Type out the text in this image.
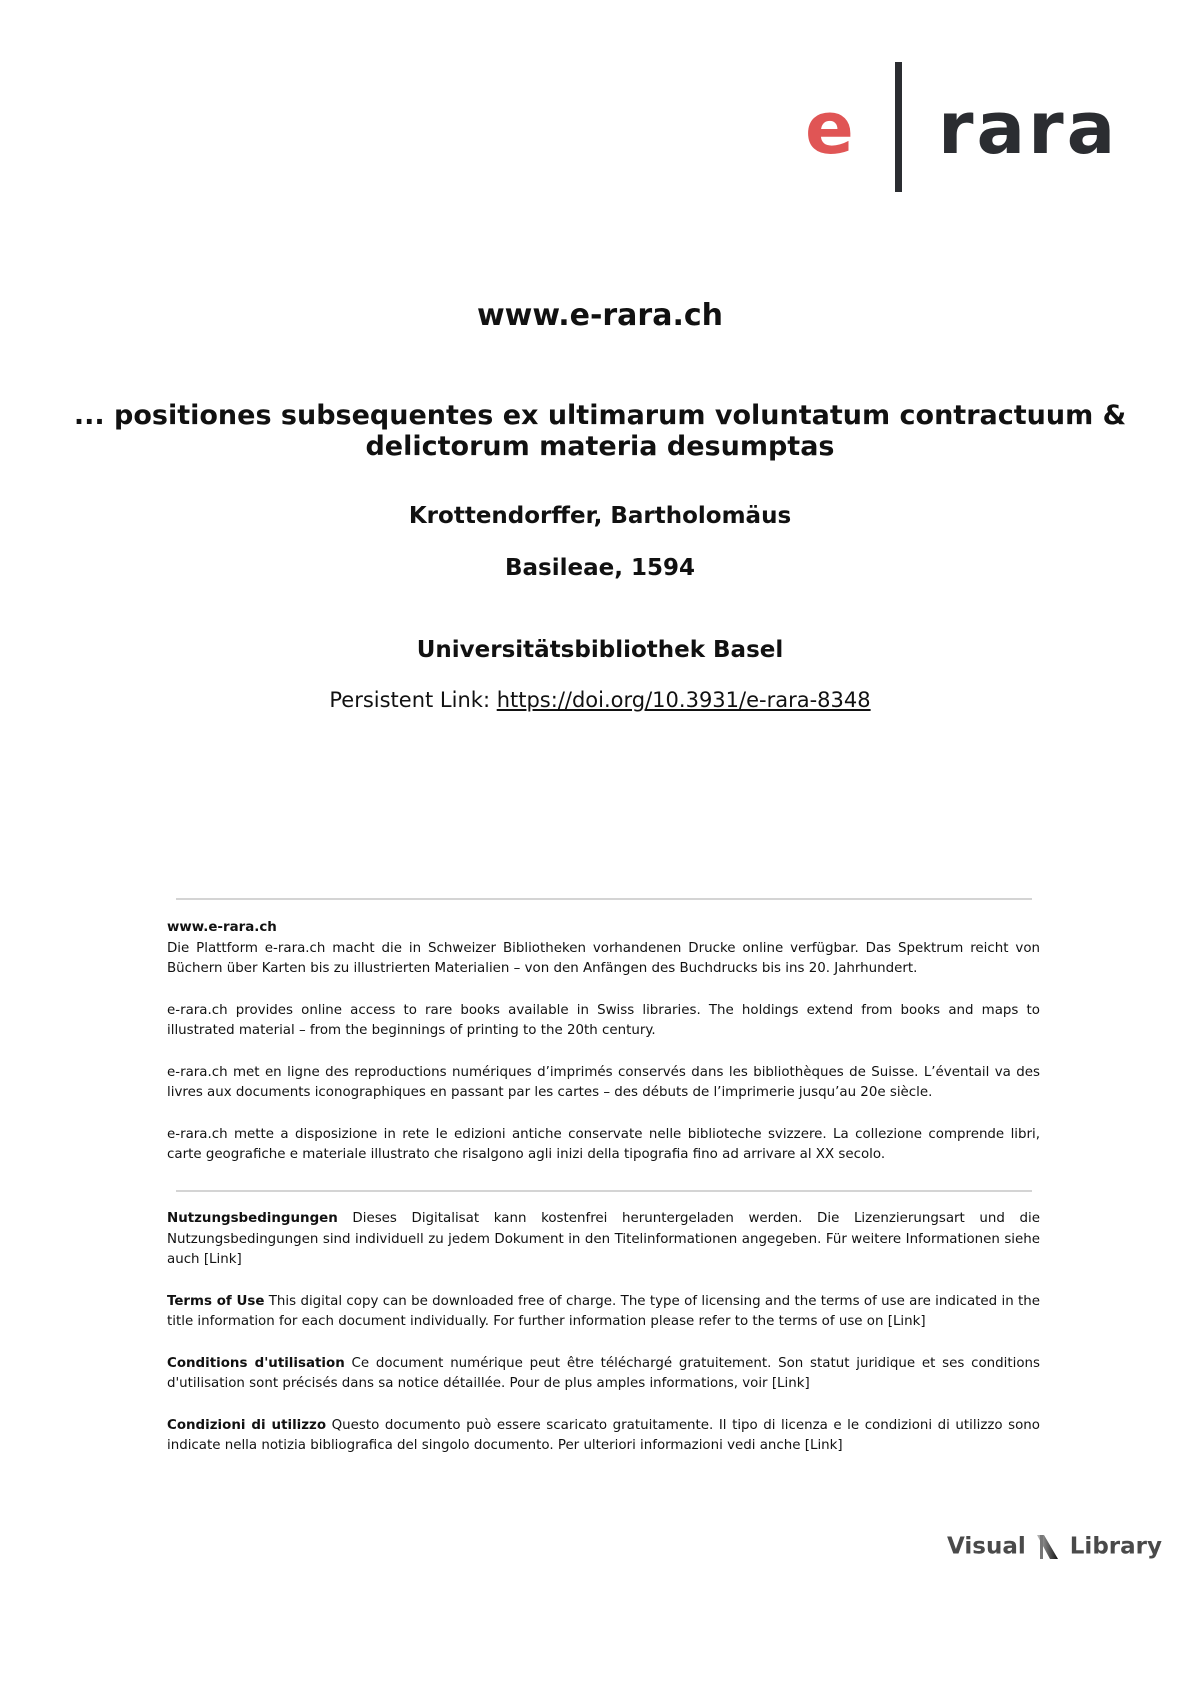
e rara
www.e-rara.ch
... positiones subsequentes ex ultimarum voluntatum contractuum & delictorum materia desumptas
Krottendorffer, Bartholomäus
Basileae, 1594
Universitätsbibliothek Basel
Persistent Link: https://doi.org/10.3931/e-rara-8348

www.e-rara.ch

Die Plattform e-rara.ch macht die in Schweizer Bibliotheken vorhandenen Drucke online verfügbar. Das Spektrum reicht von Büchern über Karten bis zu illustrierten Materialien – von den Anfängen des Buchdrucks bis ins 20. Jahrhundert.

e-rara.ch provides online access to rare books available in Swiss libraries. The holdings extend from books and maps to illustrated material – from the beginnings of printing to the 20th century.

e-rara.ch met en ligne des reproductions numériques d’imprimés conservés dans les bibliothèques de Suisse. L’éventail va des livres aux documents iconographiques en passant par les cartes – des débuts de l’imprimerie jusqu’au 20e siècle.

e-rara.ch mette a disposizione in rete le edizioni antiche conservate nelle biblioteche svizzere. La collezione comprende libri, carte geografiche e materiale illustrato che risalgono agli inizi della tipografia fino ad arrivare al XX secolo.

Nutzungsbedingungen Dieses Digitalisat kann kostenfrei heruntergeladen werden. Die Lizenzierungsart und die Nutzungsbedingungen sind individuell zu jedem Dokument in den Titelinformationen angegeben. Für weitere Informationen siehe auch [Link]

Terms of Use This digital copy can be downloaded free of charge. The type of licensing and the terms of use are indicated in the title information for each document individually. For further information please refer to the terms of use on [Link]

Conditions d'utilisation Ce document numérique peut être téléchargé gratuitement. Son statut juridique et ses conditions d'utilisation sont précisés dans sa notice détaillée. Pour de plus amples informations, voir [Link]

Condizioni di utilizzo Questo documento può essere scaricato gratuitamente. Il tipo di licenza e le condizioni di utilizzo sono indicate nella notizia bibliografica del singolo documento. Per ulteriori informazioni vedi anche [Link]

Visual Library
